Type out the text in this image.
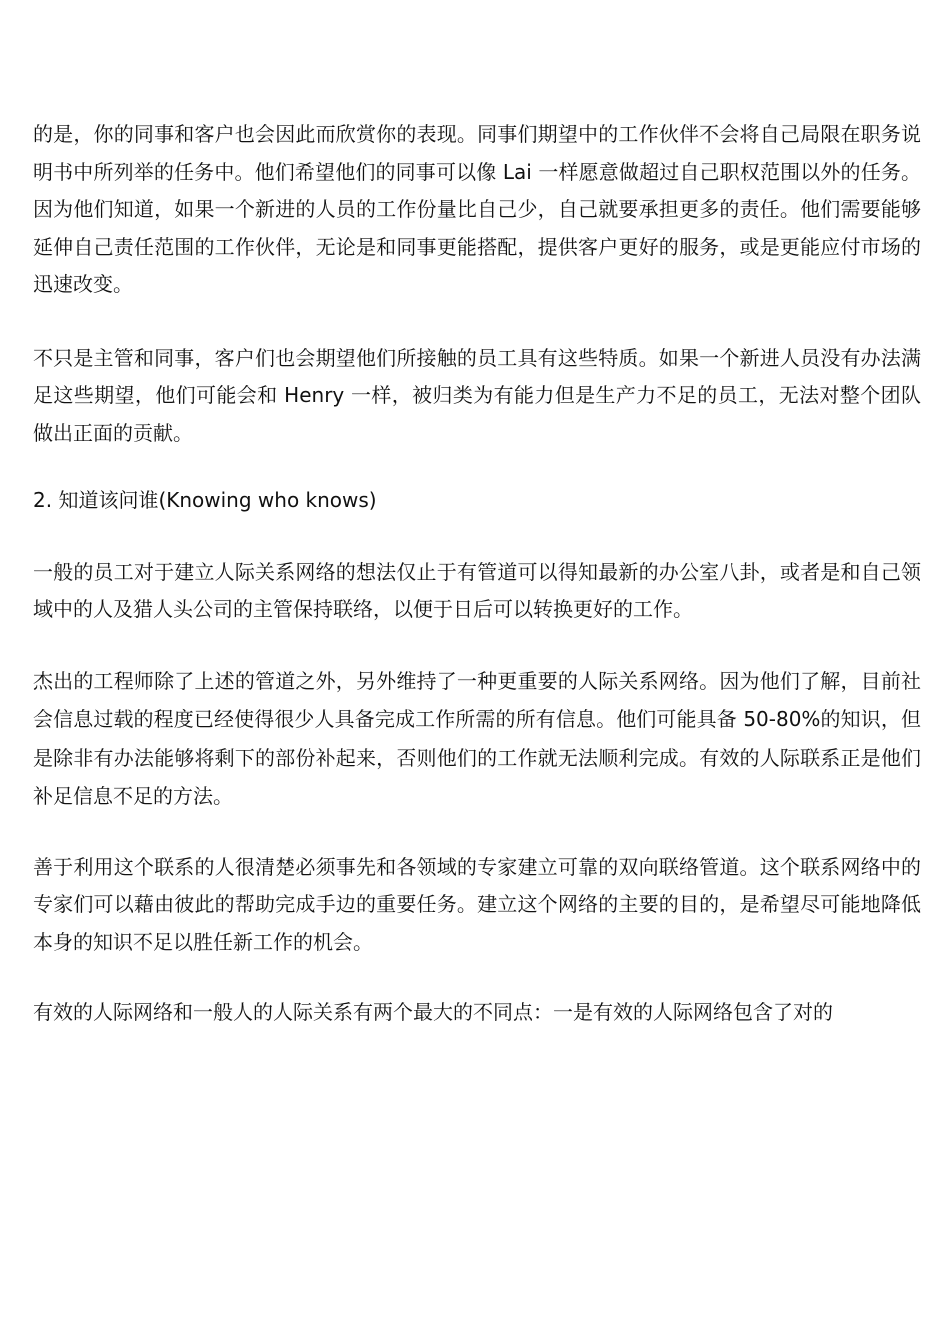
的是，你的同事和客户也会因此而欣赏你的表现。同事们期望中的工作伙伴不会将自己局限在职务说明书中所列举的任务中。他们希望他们的同事可以像 Lai 一样愿意做超过自己职权范围以外的任务。因为他们知道，如果一个新进的人员的工作份量比自己少，自己就要承担更多的责任。他们需要能够延伸自己责任范围的工作伙伴，无论是和同事更能搭配，提供客户更好的服务，或是更能应付市场的迅速改变。

不只是主管和同事，客户们也会期望他们所接触的员工具有这些特质。如果一个新进人员没有办法满足这些期望，他们可能会和 Henry 一样，被归类为有能力但是生产力不足的员工，无法对整个团队做出正面的贡献。

2. 知道该问谁(Knowing who knows)

一般的员工对于建立人际关系网络的想法仅止于有管道可以得知最新的办公室八卦，或者是和自己领域中的人及猎人头公司的主管保持联络，以便于日后可以转换更好的工作。

杰出的工程师除了上述的管道之外，另外维持了一种更重要的人际关系网络。因为他们了解，目前社会信息过载的程度已经使得很少人具备完成工作所需的所有信息。他们可能具备 50-80%的知识，但是除非有办法能够将剩下的部份补起来，否则他们的工作就无法顺利完成。有效的人际联系正是他们补足信息不足的方法。

善于利用这个联系的人很清楚必须事先和各领域的专家建立可靠的双向联络管道。这个联系网络中的专家们可以藉由彼此的帮助完成手边的重要任务。建立这个网络的主要的目的，是希望尽可能地降低本身的知识不足以胜任新工作的机会。

有效的人际网络和一般人的人际关系有两个最大的不同点：一是有效的人际网络包含了对的
